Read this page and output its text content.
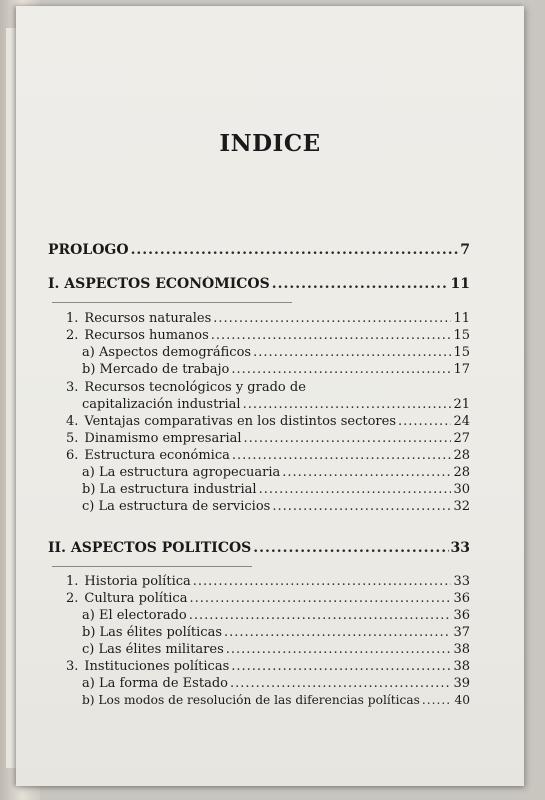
INDICE
PROLOGO .....	7
I. ASPECTOS ECONÓMICOS .....	11
1. Recursos naturales .....	11
2. Recursos humanos .....	15
a) Aspectos demográficos .....	15
b) Mercado de trabajo .....	17
3. Recursos tecnológicos y grado de
capitalización industrial .....	21
4. Ventajas comparativas en los distintos sectores .....	24
5. Dinamismo empresarial .....	27
6. Estructura económica .....	28
a) La estructura agropecuaria .....	28
b) La estructura industrial .....	30
c) La estructura de servicios .....	32
II. ASPECTOS POLITICOS .....	33
1. Historia política .....	33
2. Cultura política .....	36
a) El electorado .....	36
b) Las élites políticas .....	37
c) Las élites militares .....	38
3. Instituciones políticas .....	38
a) La forma de Estado .....	39
b) Los modos de resolución de las diferencias políticas .....	40
